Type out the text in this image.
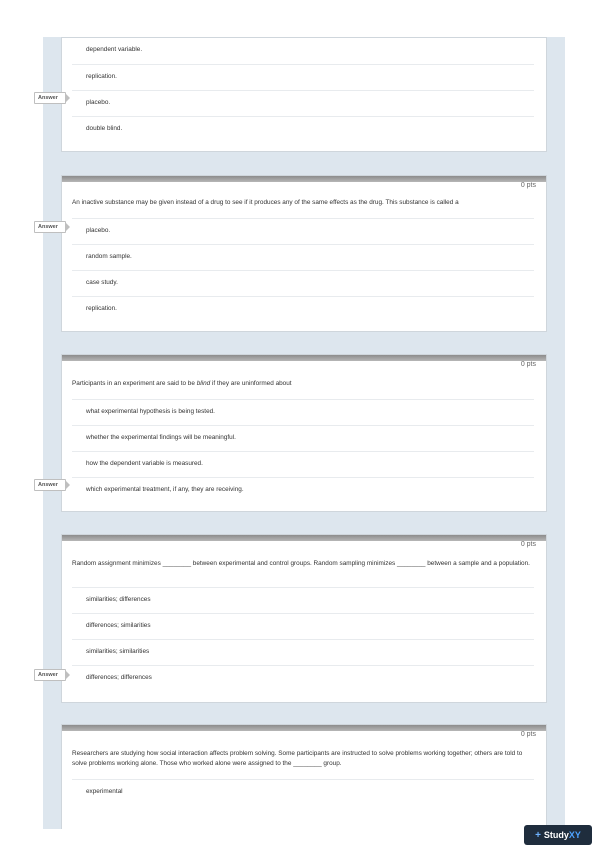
dependent variable.
replication.
placebo.
double blind.
Answer
0 pts
An inactive substance may be given instead of a drug to see if it produces any of the same effects as the drug. This substance is called a
placebo.
random sample.
case study.
replication.
Answer
0 pts
Participants in an experiment are said to be blind if they are uninformed about
what experimental hypothesis is being tested.
whether the experimental findings will be meaningful.
how the dependent variable is measured.
which experimental treatment, if any, they are receiving.
Answer
0 pts
Random assignment minimizes ________ between experimental and control groups. Random sampling minimizes ________ between a sample and a population.
similarities; differences
differences; similarities
similarities; similarities
differences; differences
Answer
0 pts
Researchers are studying how social interaction affects problem solving. Some participants are instructed to solve problems working together; others are told to solve problems working alone. Those who worked alone were assigned to the ________ group.
experimental
+ Study XY
